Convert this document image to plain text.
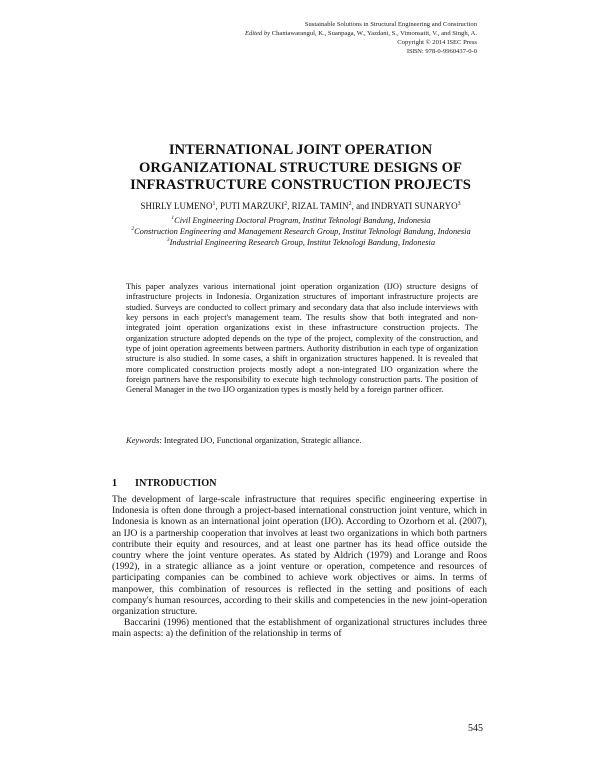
Sustainable Solutions in Structural Engineering and Construction
Edited by Chantawarangul, K., Suanpaga, W., Yazdani, S., Vimonsatit, V., and Singh, A.
Copyright © 2014 ISEC Press
ISBN: 978-0-9960437-0-0
INTERNATIONAL JOINT OPERATION
ORGANIZATIONAL STRUCTURE DESIGNS OF
INFRASTRUCTURE CONSTRUCTION PROJECTS
SHIRLY LUMENO$^1$, PUTI MARZUKI$^2$, RIZAL TAMIN$^2$, and INDRYATI SUNARYO$^3$
$^1$Civil Engineering Doctoral Program, Institut Teknologi Bandung, Indonesia
$^2$Construction Engineering and Management Research Group, Institut Teknologi Bandung, Indonesia
$^3$Industrial Engineering Research Group, Institut Teknologi Bandung, Indonesia
This paper analyzes various international joint operation organization (IJO) structure designs of infrastructure projects in Indonesia. Organization structures of important infrastructure projects are studied. Surveys are conducted to collect primary and secondary data that also include interviews with key persons in each project's management team. The results show that both integrated and non-integrated joint operation organizations exist in these infrastructure construction projects. The organization structure adopted depends on the type of the project, complexity of the construction, and type of joint operation agreements between partners. Authority distribution in each type of organization structure is also studied. In some cases, a shift in organization structures happened. It is revealed that more complicated construction projects mostly adopt a non-integrated IJO organization where the foreign partners have the responsibility to execute high technology construction parts. The position of General Manager in the two IJO organization types is mostly held by a foreign partner officer.
Keywords: Integrated IJO, Functional organization, Strategic alliance.
1 INTRODUCTION

The development of large-scale infrastructure that requires specific engineering expertise in Indonesia is often done through a project-based international construction joint venture, which in Indonesia is known as an international joint operation (IJO). According to Ozorhorn et al. (2007), an IJO is a partnership cooperation that involves at least two organizations in which both partners contribute their equity and resources, and at least one partner has its head office outside the country where the joint venture operates. As stated by Aldrich (1979) and Lorange and Roos (1992), in a strategic alliance as a joint venture or operation, competence and resources of participating companies can be combined to achieve work objectives or aims. In terms of manpower, this combination of resources is reflected in the setting and positions of each company's human resources, according to their skills and competencies in the new joint-operation organization structure.

Baccarini (1996) mentioned that the establishment of organizational structures includes three main aspects: a) the definition of the relationship in terms of

545
